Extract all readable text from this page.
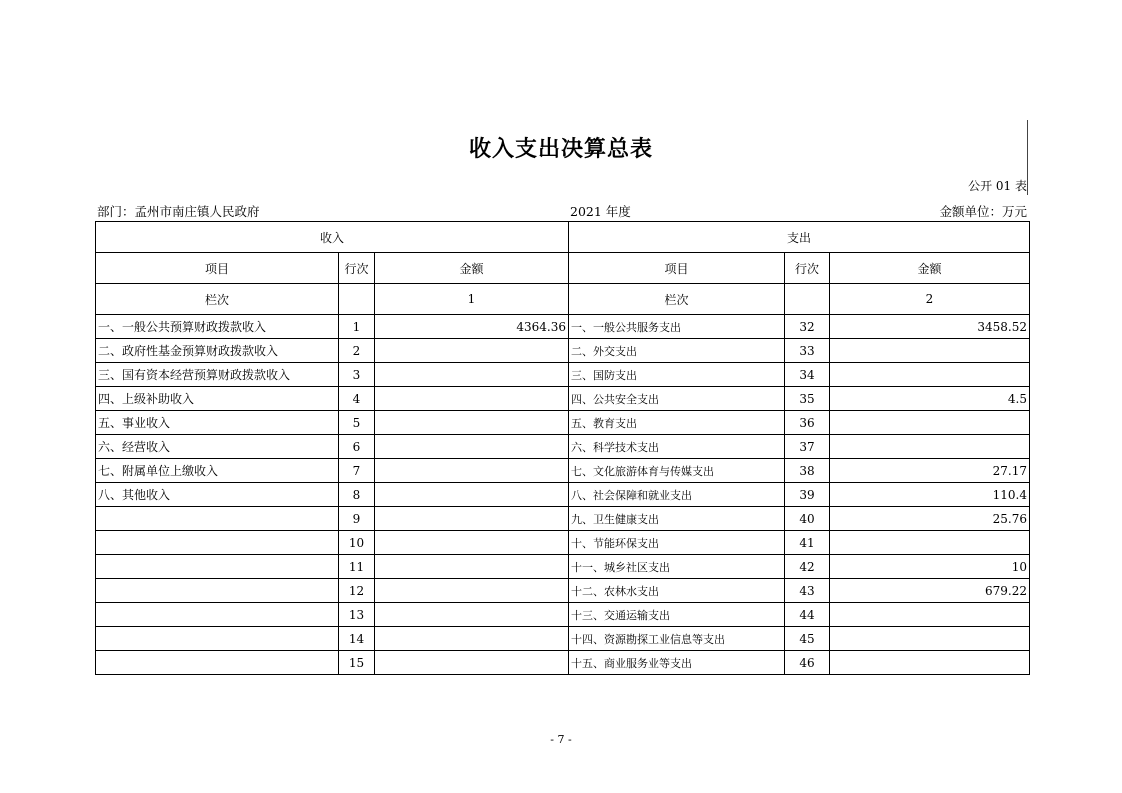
收入支出决算总表
公开 01 表
部门：孟州市南庄镇人民政府	2021 年度	金额单位：万元
收入			支出		
项目	行次	金额	项目	行次	金额
栏次		1	栏次		2
一、一般公共预算财政拨款收入	1	4364.36	一、一般公共服务支出	32	3458.52
二、政府性基金预算财政拨款收入	2		二、外交支出	33	
三、国有资本经营预算财政拨款收入	3		三、国防支出	34	
四、上级补助收入	4		四、公共安全支出	35	4.5
五、事业收入	5		五、教育支出	36	
六、经营收入	6		六、科学技术支出	37	
七、附属单位上缴收入	7		七、文化旅游体育与传媒支出	38	27.17
八、其他收入	8		八、社会保障和就业支出	39	110.4
	9		九、卫生健康支出	40	25.76
	10		十、节能环保支出	41	
	11		十一、城乡社区支出	42	10
	12		十二、农林水支出	43	679.22
	13		十三、交通运输支出	44	
	14		十四、资源勘探工业信息等支出	45	
	15		十五、商业服务业等支出	46	
- 7 -
